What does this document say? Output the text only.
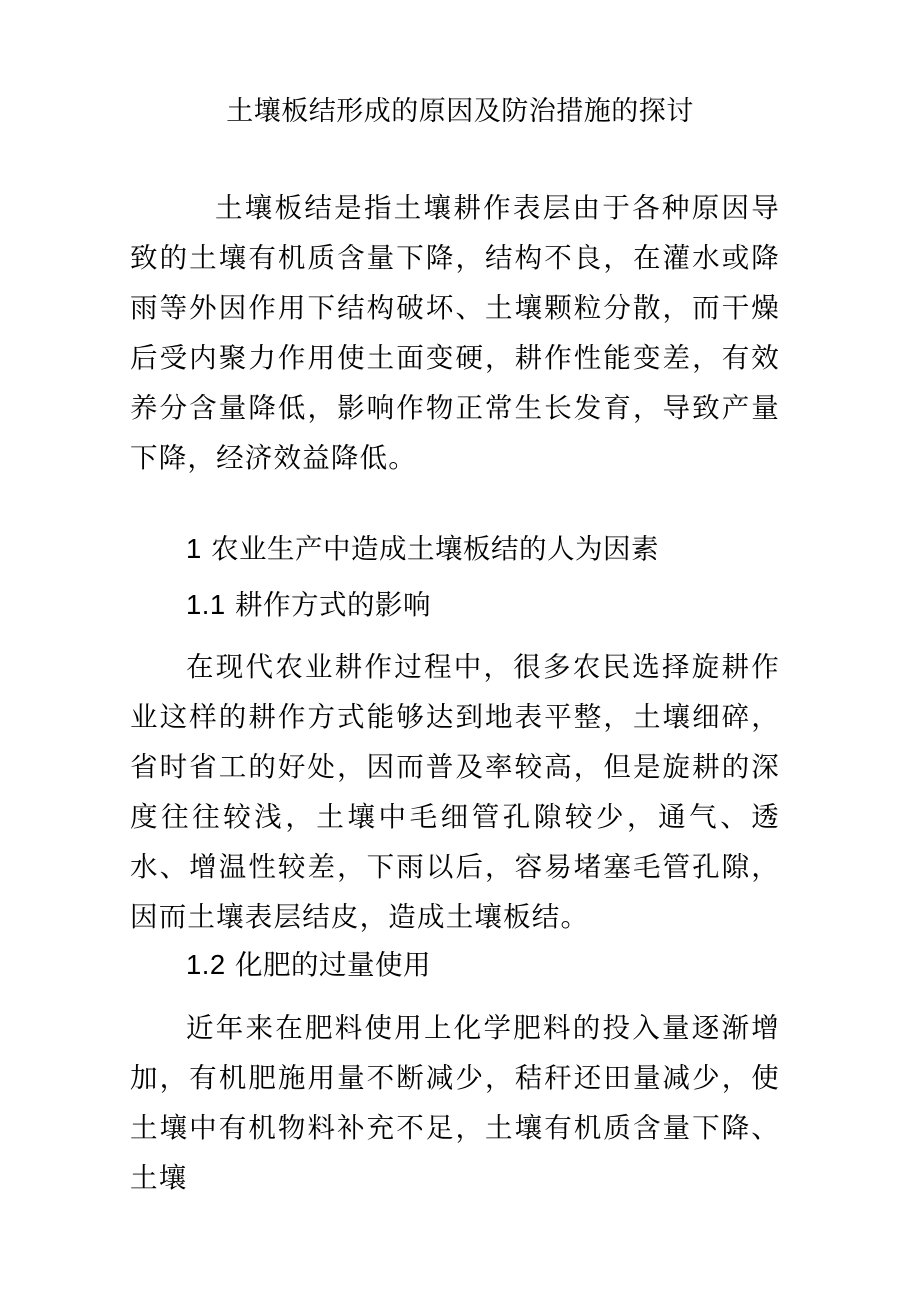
土壤板结形成的原因及防治措施的探讨

土壤板结是指土壤耕作表层由于各种原因导致的土壤有机质含量下降，结构不良，在灌水或降雨等外因作用下结构破坏、土壤颗粒分散，而干燥后受内聚力作用使土面变硬，耕作性能变差，有效养分含量降低，影响作物正常生长发育，导致产量下降，经济效益降低。

1 农业生产中造成土壤板结的人为因素
1.1 耕作方式的影响

在现代农业耕作过程中，很多农民选择旋耕作业这样的耕作方式能够达到地表平整，土壤细碎，省时省工的好处，因而普及率较高，但是旋耕的深度往往较浅，土壤中毛细管孔隙较少，通气、透水、增温性较差，下雨以后，容易堵塞毛管孔隙，因而土壤表层结皮，造成土壤板结。

1.2 化肥的过量使用

近年来在肥料使用上化学肥料的投入量逐渐增加，有机肥施用量不断减少，秸秆还田量减少，使土壤中有机物料补充不足，土壤有机质含量下降、土壤
